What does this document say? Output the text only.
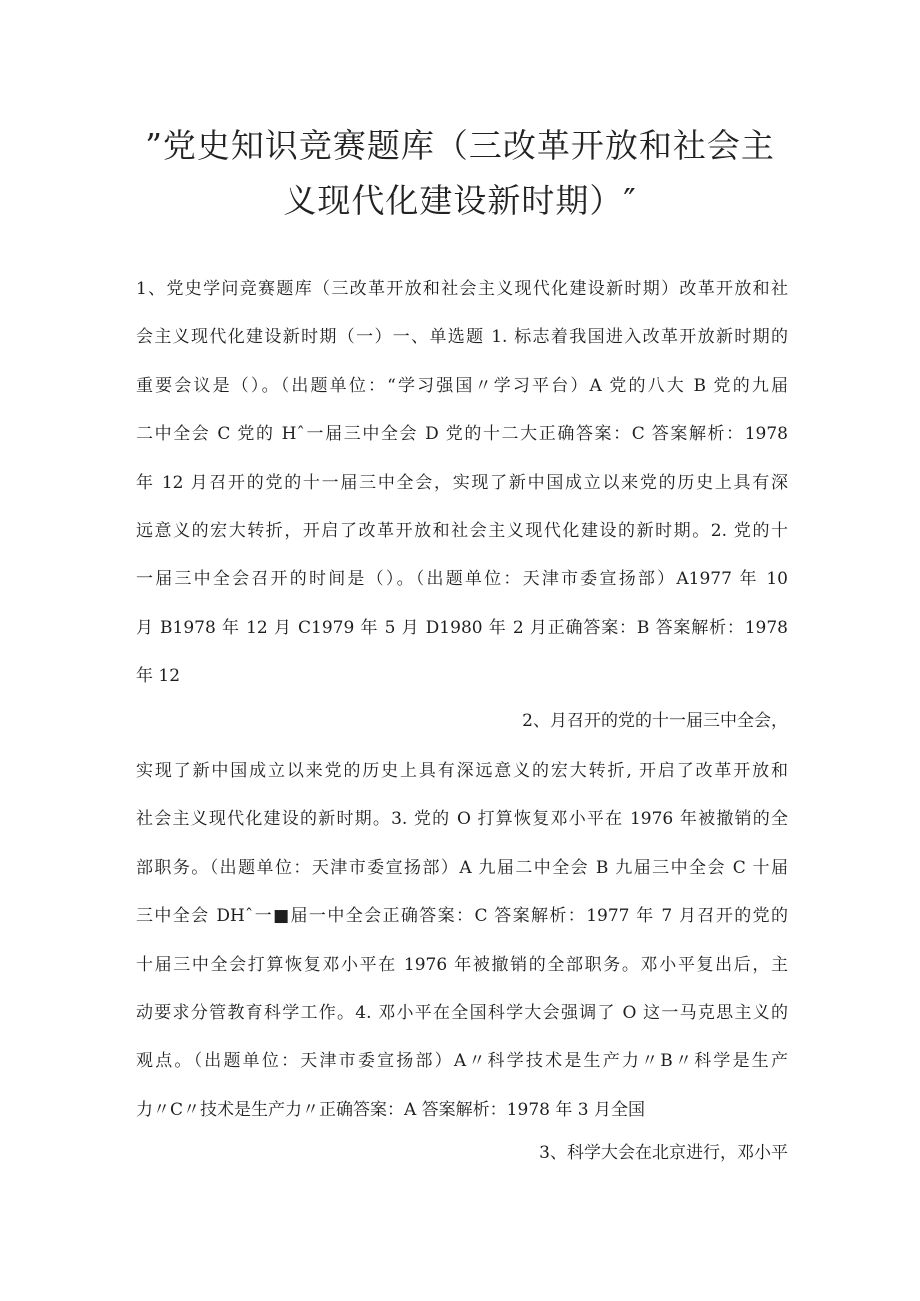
”党史知识竞赛题库（三改革开放和社会主
义现代化建设新时期）″
1、党史学问竞赛题库（三改革开放和社会主义现代化建设新时期）改革开放和社
会主义现代化建设新时期（一）一、单选题 1. 标志着我国进入改革开放新时期的
重要会议是（）。（出题单位：“学习强国〃学习平台）A 党的八大 B 党的九届
二中全会 C 党的 Hˆ一届三中全会 D 党的十二大正确答案：C 答案解析：1978
年 12 月召开的党的十一届三中全会，实现了新中国成立以来党的历史上具有深
远意义的宏大转折，开启了改革开放和社会主义现代化建设的新时期。2. 党的十
一届三中全会召开的时间是（）。（出题单位：天津市委宣扬部）A1977 年 10
月 B1978 年 12 月 C1979 年 5 月 D1980 年 2 月正确答案：B 答案解析：1978
年 12
2、月召开的党的十一届三中全会，
实现了新中国成立以来党的历史上具有深远意义的宏大转折, 开启了改革开放和
社会主义现代化建设的新时期。3. 党的 O 打算恢复邓小平在 1976 年被撤销的全
部职务。（出题单位：天津市委宣扬部）A 九届二中全会 B 九届三中全会 C 十届
三中全会 DHˆ一■届一中全会正确答案：C 答案解析：1977 年 7 月召开的党的
十届三中全会打算恢复邓小平在 1976 年被撤销的全部职务。邓小平复出后，主
动要求分管教育科学工作。4. 邓小平在全国科学大会强调了 O 这一马克思主义的
观点。（出题单位：天津市委宣扬部）A〃科学技术是生产力〃B〃科学是生产
力〃C〃技术是生产力〃正确答案：A 答案解析：1978 年 3 月全国
3、科学大会在北京进行，邓小平
